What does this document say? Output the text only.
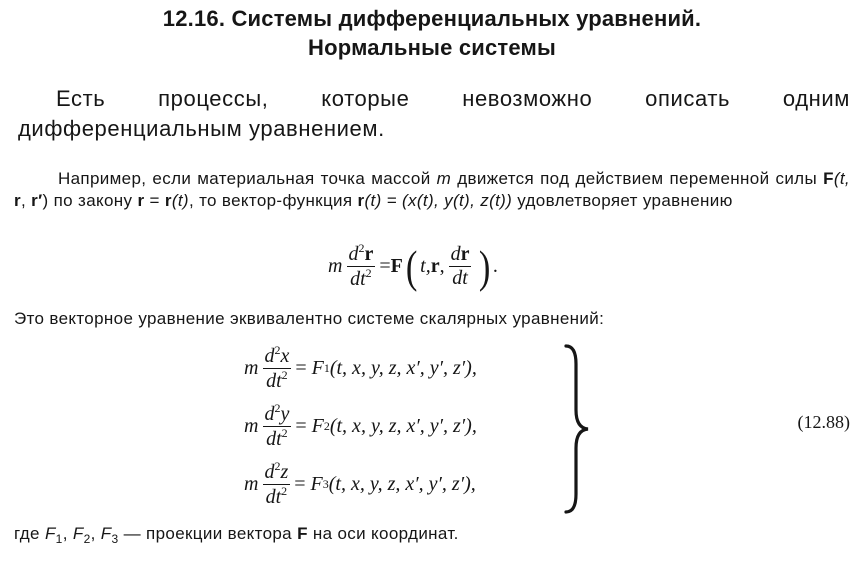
12.16. Системы дифференциальных уравнений.
Нормальные системы

Есть процессы, которые невозможно описать одним дифференциальным уравнением.

Например, если материальная точка массой m движется под действием переменной силы F(t, r, r′) по закону r = r(t), то вектор-функция r(t) = (x(t), y(t), z(t)) удовлетворяет уравнению

m $\frac{d^2r}{dt^2} = F$ ( t, r , $\frac{dr}{dt}$ ) .

Это векторное уравнение эквивалентно системе скалярных уравнений:

m $\frac{d^2x}{dt^2}$ =
F 1 (t, x, y, z, x′, y′, z′),
m $\frac{d^2y}{dt^2}$ =
F 2 (t, x, y, z, x′, y′, z′),
m $\frac{d^2z}{dt^2}$ =
F 3 (t, x, y, z, x′, y′, z′),
(12.88)

где $F_1$, $F_2$, $F_3$ — проекции вектора F на оси координат.
